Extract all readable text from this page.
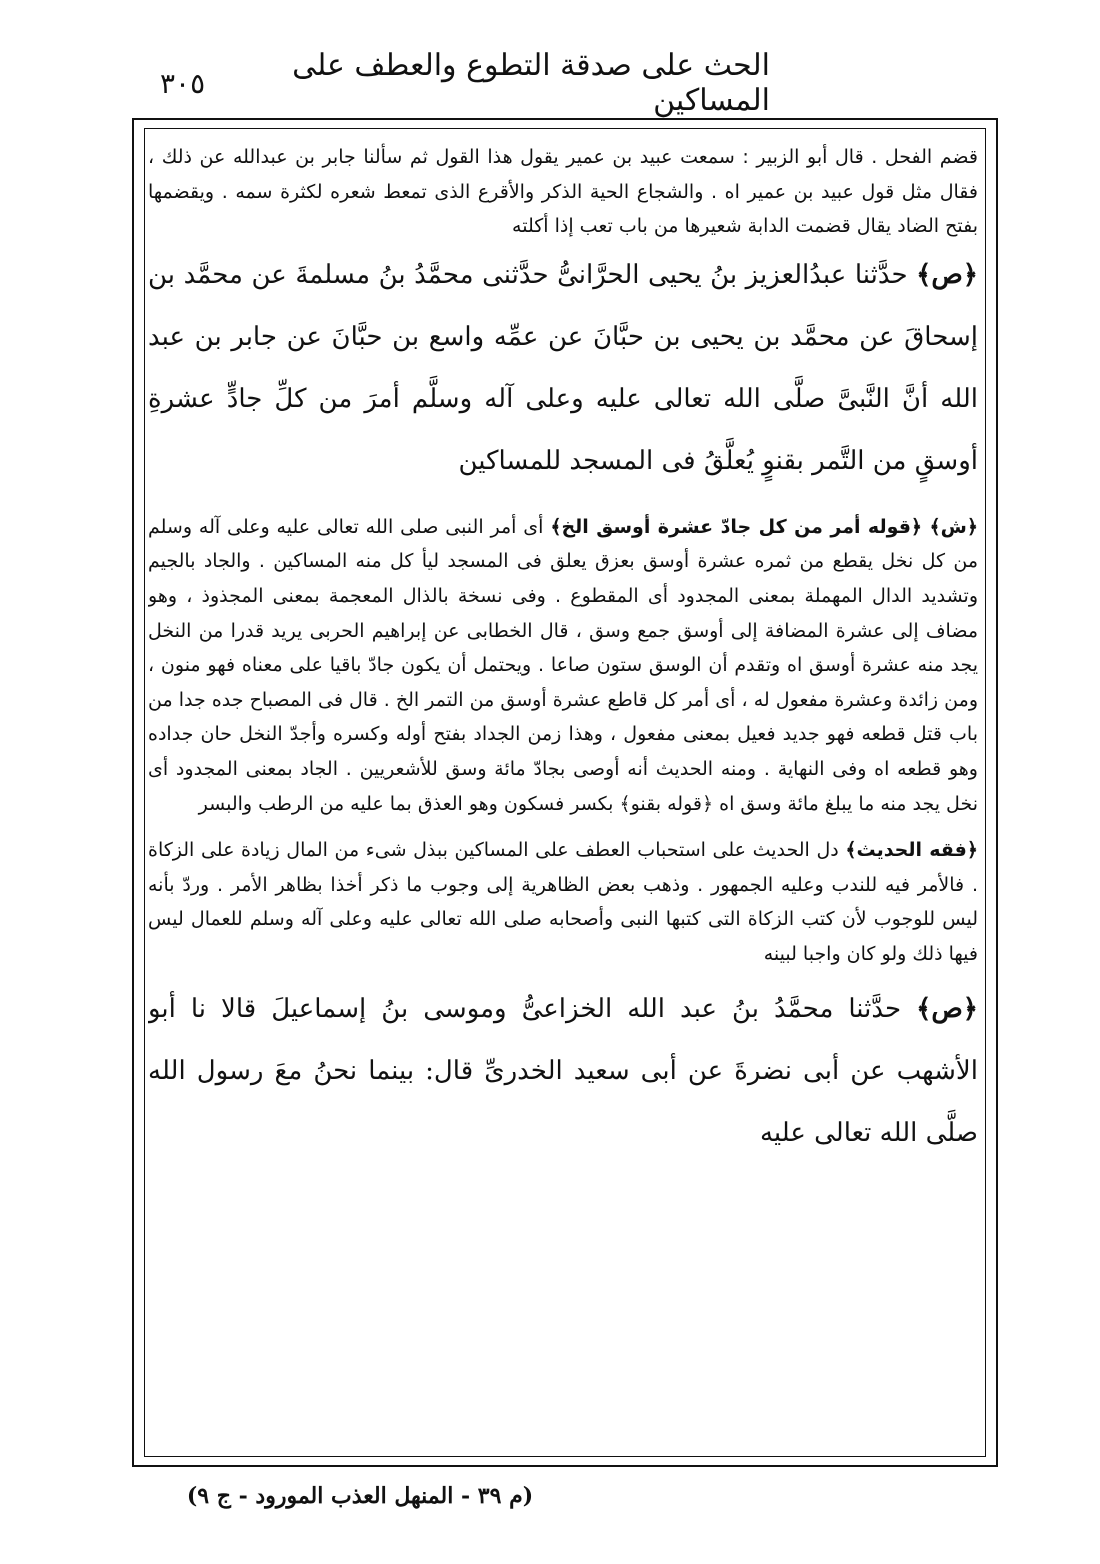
الحث على صدقة التطوع والعطف على المساكين
٣٠٥

قضم الفحل . قال أبو الزبير : سمعت عبيد بن عمير يقول هذا القول ثم سألنا جابر بن عبدالله عن ذلك ، فقال مثل قول عبيد بن عمير اه . والشجاع الحية الذكر والأقرع الذى تمعط شعره لكثرة سمه . ويقضمها بفتح الضاد يقال قضمت الدابة شعيرها من باب تعب إذا أكلته

﴿ص﴾ حدَّثنا عبدُالعزيز بنُ يحيى الحرَّانىُّ حدَّثنى محمَّدُ بنُ مسلمةَ عن محمَّد بن إسحاقَ عن محمَّد بن يحيى بن حبَّانَ عن عمِّه واسع بن حبَّانَ عن جابر بن عبد الله أنَّ النَّبىَّ صلَّى الله تعالى عليه وعلى آله وسلَّم أمرَ من كلِّ جادٍّ عشرةِ أوسقٍ من التَّمر بقنوٍ يُعلَّقُ فى المسجد للمساكين

﴿ش﴾ ﴿قوله أمر من كل جادّ عشرة أوسق الخ﴾ أى أمر النبى صلى الله تعالى عليه وعلى آله وسلم من كل نخل يقطع من ثمره عشرة أوسق بعزق يعلق فى المسجد ليأ كل منه المساكين . والجاد بالجيم وتشديد الدال المهملة بمعنى المجدود أى المقطوع . وفى نسخة بالذال المعجمة بمعنى المجذوذ ، وهو مضاف إلى عشرة المضافة إلى أوسق جمع وسق ، قال الخطابى عن إبراهيم الحربى يريد قدرا من النخل يجد منه عشرة أوسق اه وتقدم أن الوسق ستون صاعا . ويحتمل أن يكون جادّ باقيا على معناه فهو منون ، ومن زائدة وعشرة مفعول له ، أى أمر كل قاطع عشرة أوسق من التمر الخ . قال فى المصباح جده جدا من باب قتل قطعه فهو جديد فعيل بمعنى مفعول ، وهذا زمن الجداد بفتح أوله وكسره وأجدّ النخل حان جداده وهو قطعه اه وفى النهاية . ومنه الحديث أنه أوصى بجادّ مائة وسق للأشعريين . الجاد بمعنى المجدود أى نخل يجد منه ما يبلغ مائة وسق اه ﴿قوله بقنو﴾ بكسر فسكون وهو العذق بما عليه من الرطب والبسر

﴿فقه الحديث﴾ دل الحديث على استحباب العطف على المساكين ببذل شىء من المال زيادة على الزكاة . فالأمر فيه للندب وعليه الجمهور . وذهب بعض الظاهرية إلى وجوب ما ذكر أخذا بظاهر الأمر . وردّ بأنه ليس للوجوب لأن كتب الزكاة التى كتبها النبى وأصحابه صلى الله تعالى عليه وعلى آله وسلم للعمال ليس فيها ذلك ولو كان واجبا لبينه

﴿ص﴾ حدَّثنا محمَّدُ بنُ عبد الله الخزاعىُّ وموسى بنُ إسماعيلَ قالا نا أبو الأشهب عن أبى نضرةَ عن أبى سعيد الخدرىِّ قال: بينما نحنُ معَ رسول الله صلَّى الله تعالى عليه

(م ٣٩ - المنهل العذب المورود - ج ٩)
